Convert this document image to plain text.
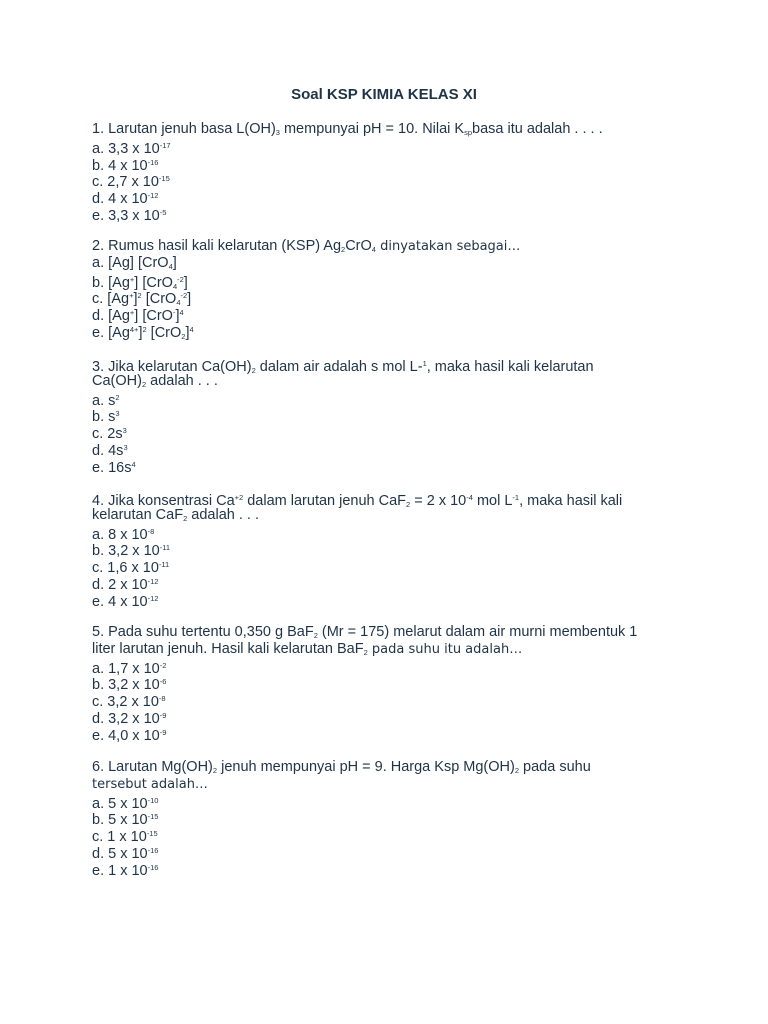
Soal KSP KIMIA KELAS XI
1. Larutan jenuh basa $L(OH)_3$ mempunyai pH = 10. Nilai $K_{sp}basa$ itu adalah . . . .
a. 3,3 x $10^{-17}$
b. 4 x $10^{-16}$
c. 2,7 x $10^{-15}$
d. 4 x $10^{-12}$
e. 3,3 x $10^{-5}$
2. Rumus hasil kali kelarutan (KSP) $Ag_2CrO_4$ dinyatakan sebagai…
a. [Ag] [CrO$_4$]
b. [Ag+] [CrO$_4^{-2}$]
c. $[Ag^+]^2$ [CrO$_4^{-2}$]
d. [Ag+] $[CrO^-]^4$
e. $[Ag^{4+}]^2$ $[CrO_2]^4$
3. Jika kelarutan $Ca(OH)_2$ dalam air adalah s mol L-$^1$, maka hasil kali kelarutan
$Ca(OH)_2$ adalah . . .
a. $s^2$
b. $s^3$
c. $2s^3$
d. $4s^3$
e. $16s^4$
4. Jika konsentrasi $Ca^{+2}$ dalam larutan jenuh CaF$_2$ = 2 x $10^{-4}$ mol $L^{-1}$, maka hasil kali
kelarutan CaF$_2$ adalah . . .
a. 8 x $10^{-8}$
b. 3,2 x $10^{-11}$
c. 1,6 x $10^{-11}$
d. 2 x $10^{-12}$
e. 4 x $10^{-12}$
5. Pada suhu tertentu 0,350 g BaF$_2$ (Mr = 175) melarut dalam air murni membentuk 1
liter larutan jenuh. Hasil kali kelarutan BaF$_2$ pada suhu itu adalah…
a. 1,7 x $10^{-2}$
b. 3,2 x $10^{-6}$
c. 3,2 x $10^{-8}$
d. 3,2 x $10^{-9}$
e. 4,0 x $10^{-9}$
6. Larutan $Mg(OH)_2$ jenuh mempunyai pH = 9. Harga Ksp $Mg(OH)_2$ pada suhu
tersebut adalah…
a. 5 x $10^{-10}$
b. 5 x $10^{-15}$
c. 1 x $10^{-15}$
d. 5 x $10^{-16}$
e. 1 x $10^{-16}$
